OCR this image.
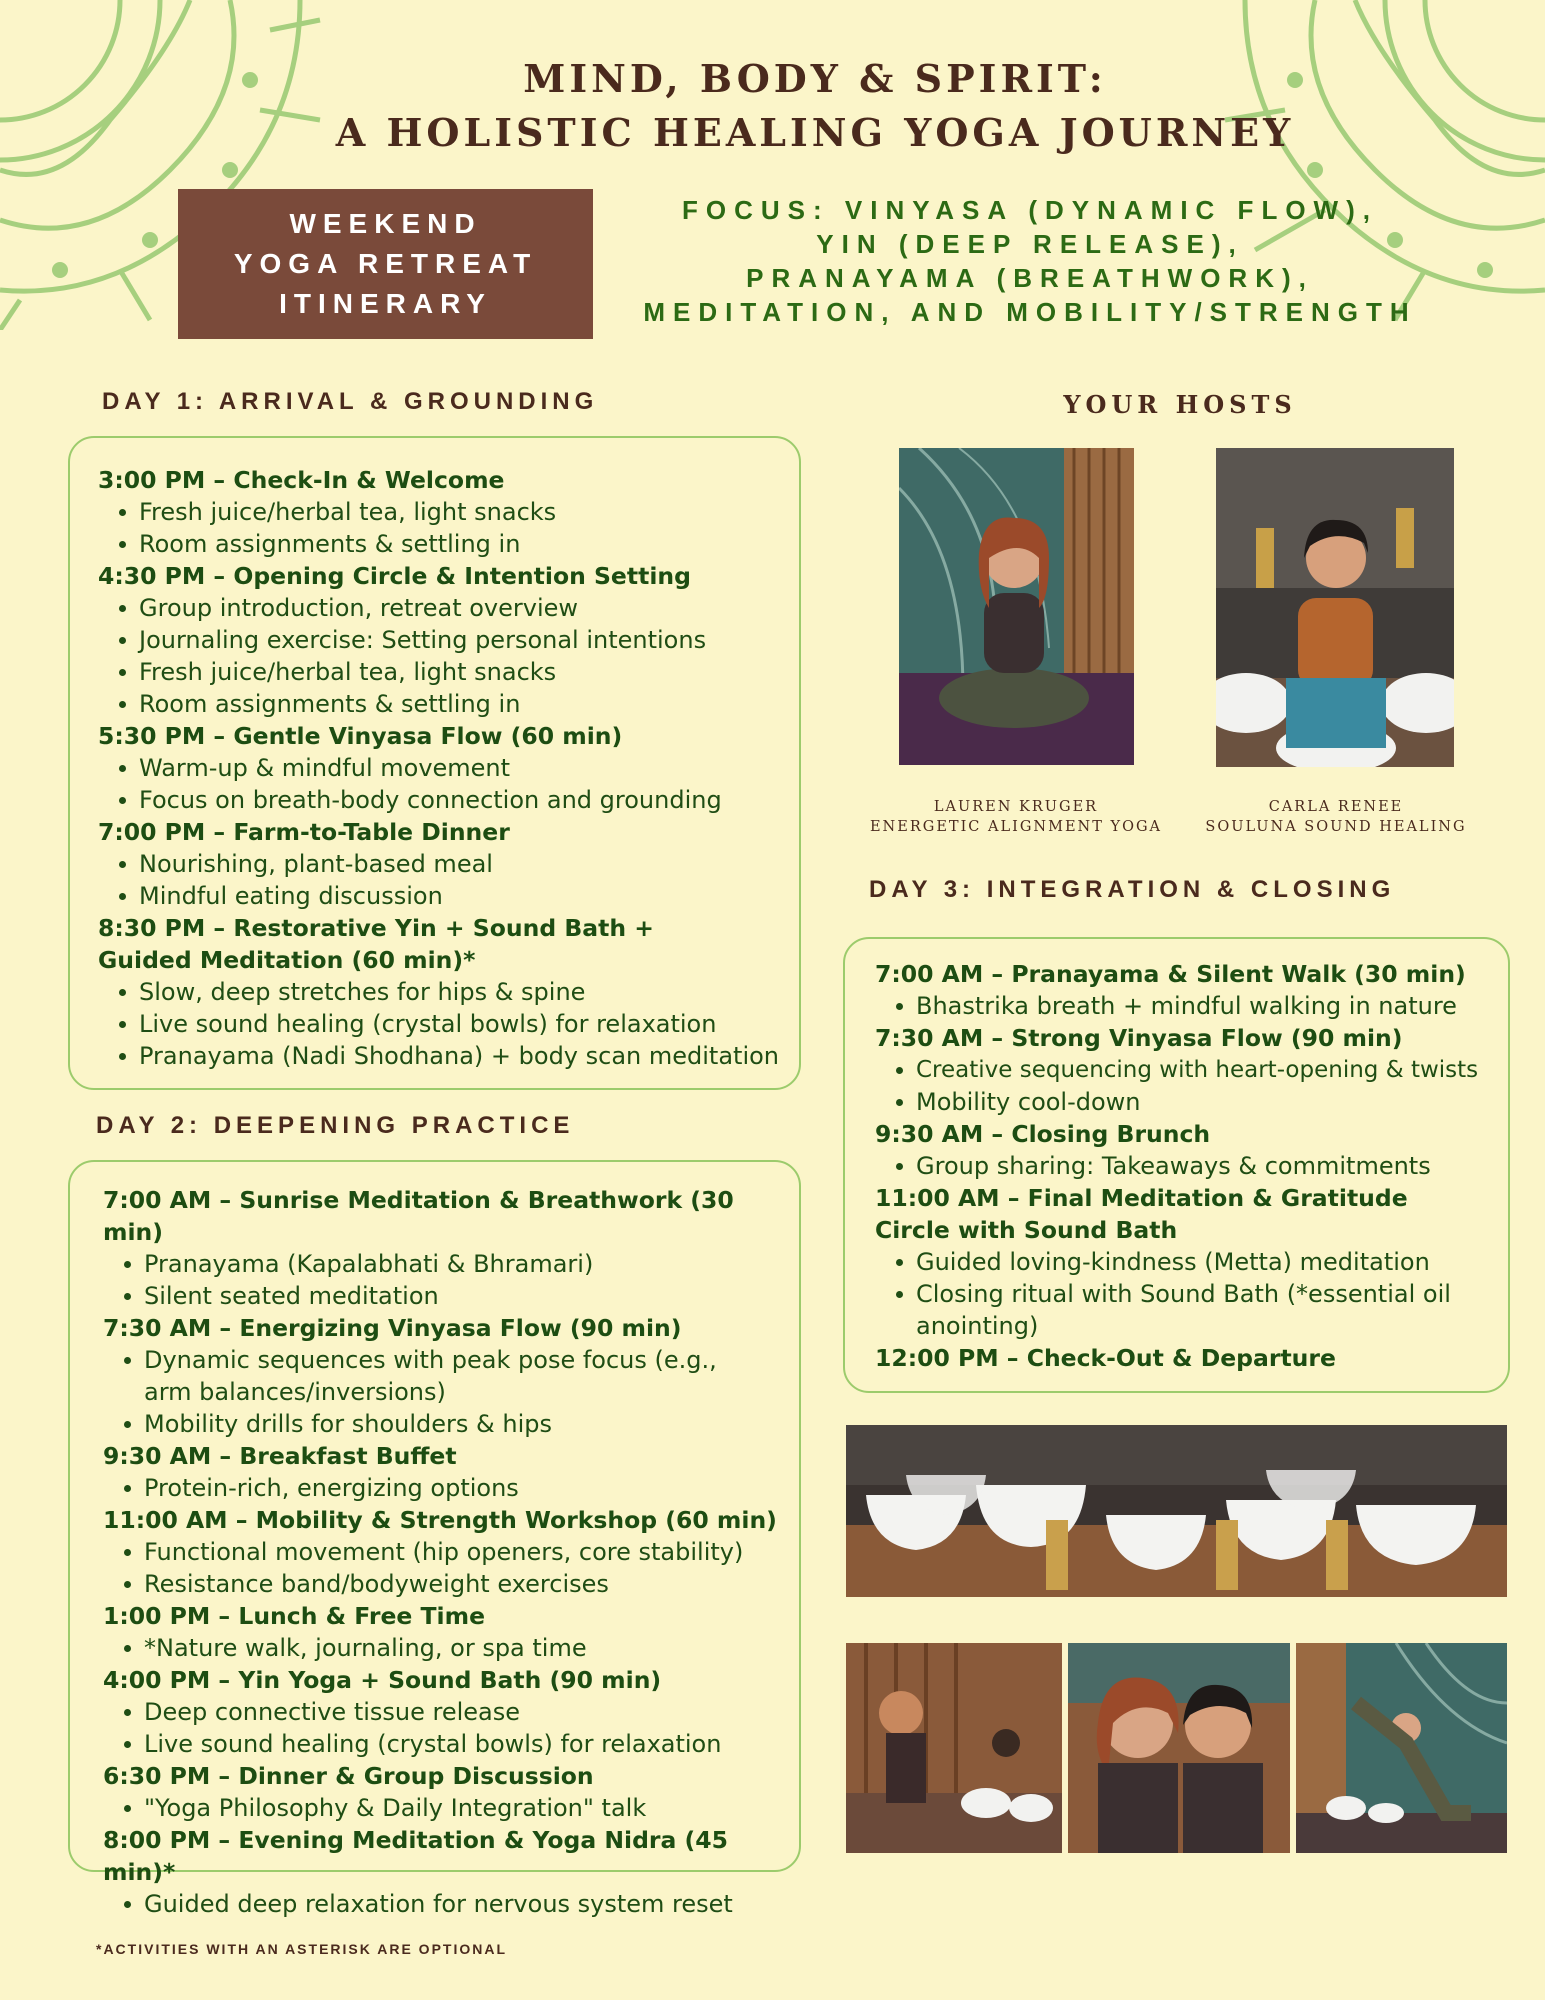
MIND, BODY & SPIRIT:
A HOLISTIC HEALING YOGA JOURNEY
WEEKEND
YOGA RETREAT
ITINERARY
FOCUS: VINYASA (DYNAMIC FLOW),
YIN (DEEP RELEASE),
PRANAYAMA (BREATHWORK),
MEDITATION, AND MOBILITY/STRENGTH
DAY 1: ARRIVAL & GROUNDING
3:00 PM – Check-In & Welcome
Fresh juice/herbal tea, light snacks
Room assignments & settling in
4:30 PM – Opening Circle & Intention Setting
Group introduction, retreat overview
Journaling exercise: Setting personal intentions
Fresh juice/herbal tea, light snacks
Room assignments & settling in
5:30 PM – Gentle Vinyasa Flow (60 min)
Warm-up & mindful movement
Focus on breath-body connection and grounding
7:00 PM – Farm-to-Table Dinner
Nourishing, plant-based meal
Mindful eating discussion
8:30 PM – Restorative Yin + Sound Bath + Guided Meditation (60 min)*
Slow, deep stretches for hips & spine
Live sound healing (crystal bowls) for relaxation
Pranayama (Nadi Shodhana) + body scan meditation
DAY 2: DEEPENING PRACTICE
7:00 AM – Sunrise Meditation & Breathwork (30 min)
Pranayama (Kapalabhati & Bhramari)
Silent seated meditation
7:30 AM – Energizing Vinyasa Flow (90 min)
Dynamic sequences with peak pose focus (e.g., arm balances/inversions)
Mobility drills for shoulders & hips
9:30 AM – Breakfast Buffet
Protein-rich, energizing options
11:00 AM – Mobility & Strength Workshop (60 min)
Functional movement (hip openers, core stability)
Resistance band/bodyweight exercises
1:00 PM – Lunch & Free Time
*Nature walk, journaling, or spa time
4:00 PM – Yin Yoga + Sound Bath (90 min)
Deep connective tissue release
Live sound healing (crystal bowls) for relaxation
6:30 PM – Dinner & Group Discussion
"Yoga Philosophy & Daily Integration" talk
8:00 PM – Evening Meditation & Yoga Nidra (45 min)*
Guided deep relaxation for nervous system reset
YOUR HOSTS
LAUREN KRUGER
ENERGETIC ALIGNMENT YOGA
CARLA RENEE
SOULUNA SOUND HEALING
DAY 3: INTEGRATION & CLOSING
7:00 AM – Pranayama & Silent Walk (30 min)
Bhastrika breath + mindful walking in nature
7:30 AM – Strong Vinyasa Flow (90 min)
Creative sequencing with heart-opening & twists
Mobility cool-down
9:30 AM – Closing Brunch
Group sharing: Takeaways & commitments
11:00 AM – Final Meditation & Gratitude Circle with Sound Bath
Guided loving-kindness (Metta) meditation
Closing ritual with Sound Bath (*essential oil anointing)
12:00 PM – Check-Out & Departure
*ACTIVITIES WITH AN ASTERISK ARE OPTIONAL
